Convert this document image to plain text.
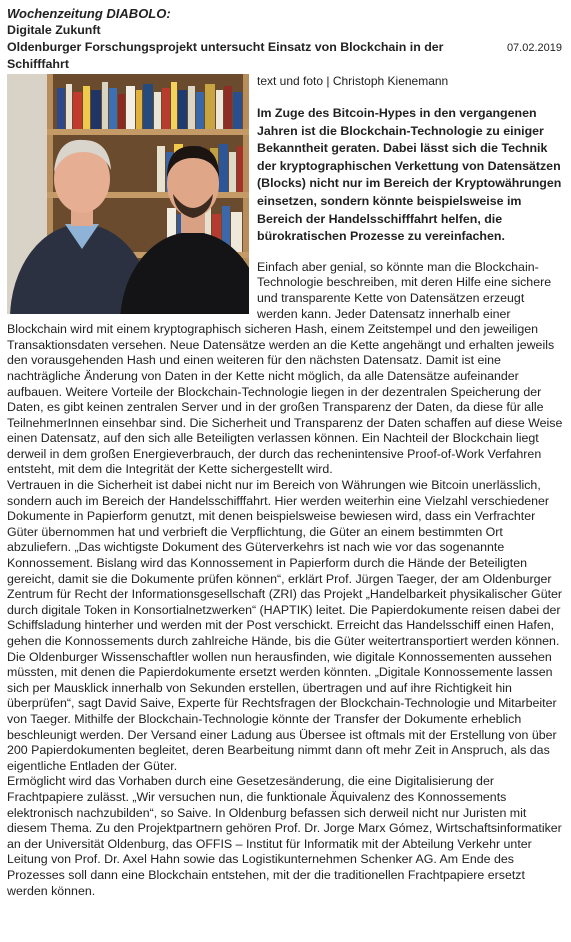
Wochenzeitung DIABOLO:
Digitale Zukunft
Oldenburger Forschungsprojekt untersucht Einsatz von Blockchain in der Schifffahrt
07.02.2019
text und foto | Christoph Kienemann
Im Zuge des Bitcoin-Hypes in den vergangenen Jahren ist die Blockchain-Technologie zu einiger Bekanntheit geraten. Dabei lässt sich die Technik der kryptographischen Verkettung von Datensätzen (Blocks) nicht nur im Bereich der Kryptowährungen einsetzen, sondern könnte beispielsweise im Bereich der Handelsschifffahrt helfen, die bürokratischen Prozesse zu vereinfachen.

Einfach aber genial, so könnte man die Blockchain-Technologie beschreiben, mit deren Hilfe eine sichere und transparente Kette von Datensätzen erzeugt werden kann. Jeder Datensatz innerhalb einer Blockchain wird mit einem kryptographisch sicheren Hash, einem Zeitstempel und den jeweiligen Transaktionsdaten versehen. Neue Datensätze werden an die Kette angehängt und erhalten jeweils den vorausgehenden Hash und einen weiteren für den nächsten Datensatz. Damit ist eine nachträgliche Änderung von Daten in der Kette nicht möglich, da alle Datensätze aufeinander aufbauen. Weitere Vorteile der Blockchain-Technologie liegen in der dezentralen Speicherung der Daten, es gibt keinen zentralen Server und in der großen Transparenz der Daten, da diese für alle TeilnehmerInnen einsehbar sind. Die Sicherheit und Transparenz der Daten schaffen auf diese Weise einen Datensatz, auf den sich alle Beteiligten verlassen können. Ein Nachteil der Blockchain liegt derweil in dem großen Energieverbrauch, der durch das rechenintensive Proof-of-Work Verfahren entsteht, mit dem die Integrität der Kette sichergestellt wird.

Vertrauen in die Sicherheit ist dabei nicht nur im Bereich von Währungen wie Bitcoin unerlässlich, sondern auch im Bereich der Handelsschifffahrt. Hier werden weiterhin eine Vielzahl verschiedener Dokumente in Papierform genutzt, mit denen beispielsweise bewiesen wird, dass ein Verfrachter Güter übernommen hat und verbrieft die Verpflichtung, die Güter an einem bestimmten Ort abzuliefern. „Das wichtigste Dokument des Güterverkehrs ist nach wie vor das sogenannte Konnossement. Bislang wird das Konnossement in Papierform durch die Hände der Beteiligten gereicht, damit sie die Dokumente prüfen können“, erklärt Prof. Jürgen Taeger, der am Oldenburger Zentrum für Recht der Informationsgesellschaft (ZRI) das Projekt „Handelbarkeit physikalischer Güter durch digitale Token in Konsortialnetzwerken“ (HAPTIK) leitet. Die Papierdokumente reisen dabei der Schiffsladung hinterher und werden mit der Post verschickt. Erreicht das Handelsschiff einen Hafen, gehen die Konnossements durch zahlreiche Hände, bis die Güter weitertransportiert werden können. Die Oldenburger Wissenschaftler wollen nun herausfinden, wie digitale Konnossementen aussehen müssten, mit denen die Papierdokumente ersetzt werden könnten. „Digitale Konnossemente lassen sich per Mausklick innerhalb von Sekunden erstellen, übertragen und auf ihre Richtigkeit hin überprüfen“, sagt David Saive, Experte für Rechtsfragen der Blockchain-Technologie und Mitarbeiter von Taeger. Mithilfe der Blockchain-Technologie könnte der Transfer der Dokumente erheblich beschleunigt werden. Der Versand einer Ladung aus Übersee ist oftmals mit der Erstellung von über 200 Papierdokumenten begleitet, deren Bearbeitung nimmt dann oft mehr Zeit in Anspruch, als das eigentliche Entladen der Güter.

Ermöglicht wird das Vorhaben durch eine Gesetzesänderung, die eine Digitalisierung der Frachtpapiere zulässt. „Wir versuchen nun, die funktionale Äquivalenz des Konnossements elektronisch nachzubilden“, so Saive. In Oldenburg befassen sich derweil nicht nur Juristen mit diesem Thema. Zu den Projektpartnern gehören Prof. Dr. Jorge Marx Gómez, Wirtschaftsinformatiker an der Universität Oldenburg, das OFFIS – Institut für Informatik mit der Abteilung Verkehr unter Leitung von Prof. Dr. Axel Hahn sowie das Logistikunternehmen Schenker AG. Am Ende des Prozesses soll dann eine Blockchain entstehen, mit der die traditionellen Frachtpapiere ersetzt werden können.
